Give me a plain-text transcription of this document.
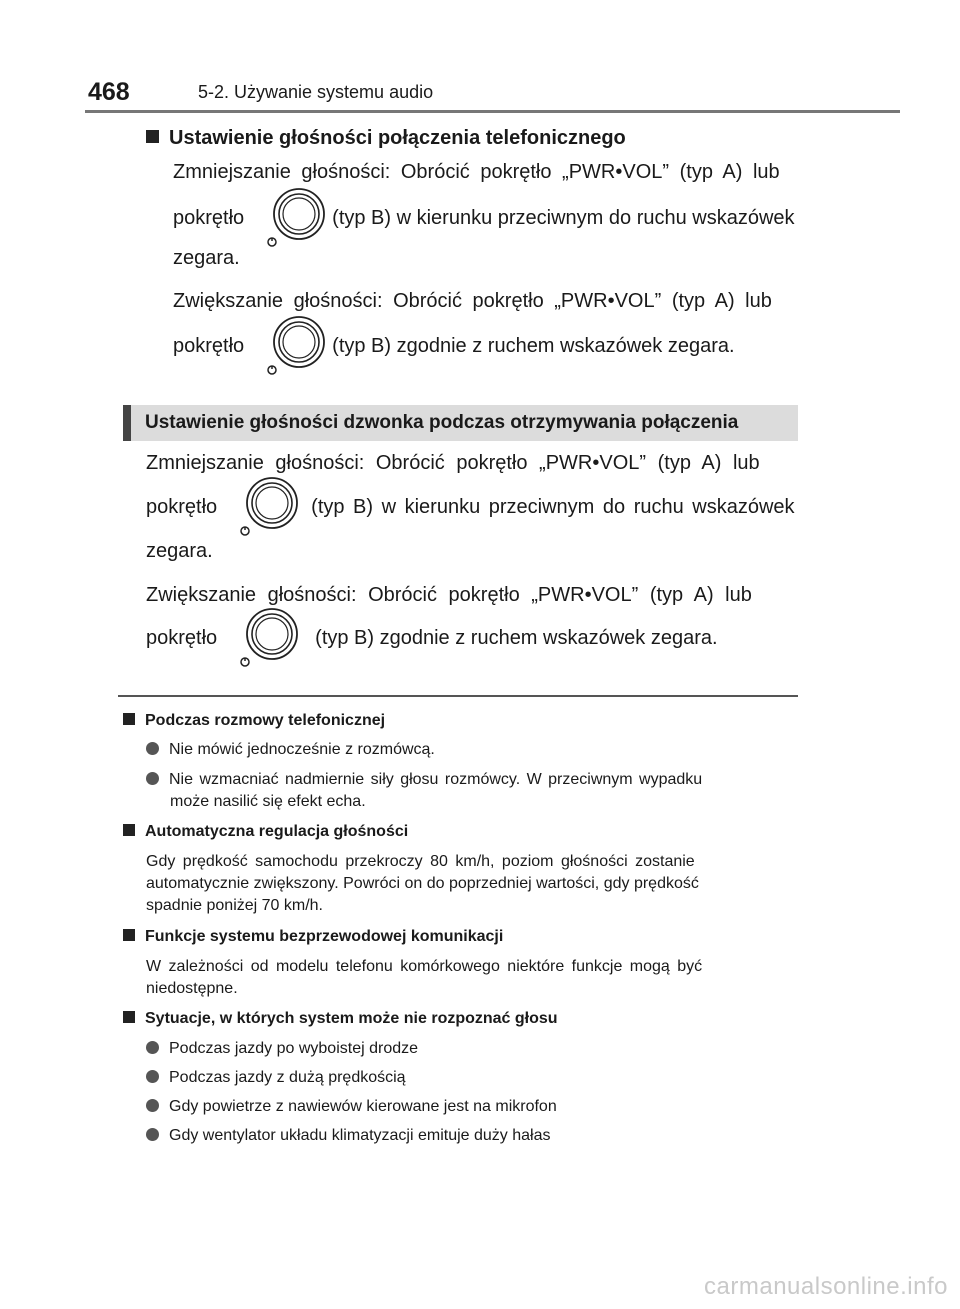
468	5-2. Używanie systemu audio
Ustawienie głośności połączenia telefonicznego
Zmniejszanie głośności: Obrócić pokrętło „PWR•VOL” (typ A) lub
pokrętło	(typ B) w kierunku przeciwnym do ruchu wskazówek
zegara.
Zwiększanie głośności: Obrócić pokrętło „PWR•VOL” (typ A) lub
pokrętło	(typ B) zgodnie z ruchem wskazówek zegara.
Ustawienie głośności dzwonka podczas otrzymywania połączenia
Zmniejszanie głośności: Obrócić pokrętło „PWR•VOL” (typ A) lub
pokrętło	(typ B) w kierunku przeciwnym do ruchu wskazówek
zegara.
Zwiększanie głośności: Obrócić pokrętło „PWR•VOL” (typ A) lub
pokrętło	(typ B) zgodnie z ruchem wskazówek zegara.
Podczas rozmowy telefonicznej
Nie mówić jednocześnie z rozmówcą.
Nie wzmacniać nadmiernie siły głosu rozmówcy. W przeciwnym wypadku
może nasilić się efekt echa.
Automatyczna regulacja głośności
Gdy prędkość samochodu przekroczy 80 km/h, poziom głośności zostanie
automatycznie zwiększony. Powróci on do poprzedniej wartości, gdy prędkość
spadnie poniżej 70 km/h.
Funkcje systemu bezprzewodowej komunikacji
W zależności od modelu telefonu komórkowego niektóre funkcje mogą być
niedostępne.
Sytuacje, w których system może nie rozpoznać głosu
Podczas jazdy po wyboistej drodze
Podczas jazdy z dużą prędkością
Gdy powietrze z nawiewów kierowane jest na mikrofon
Gdy wentylator układu klimatyzacji emituje duży hałas
carmanualsonline.info
